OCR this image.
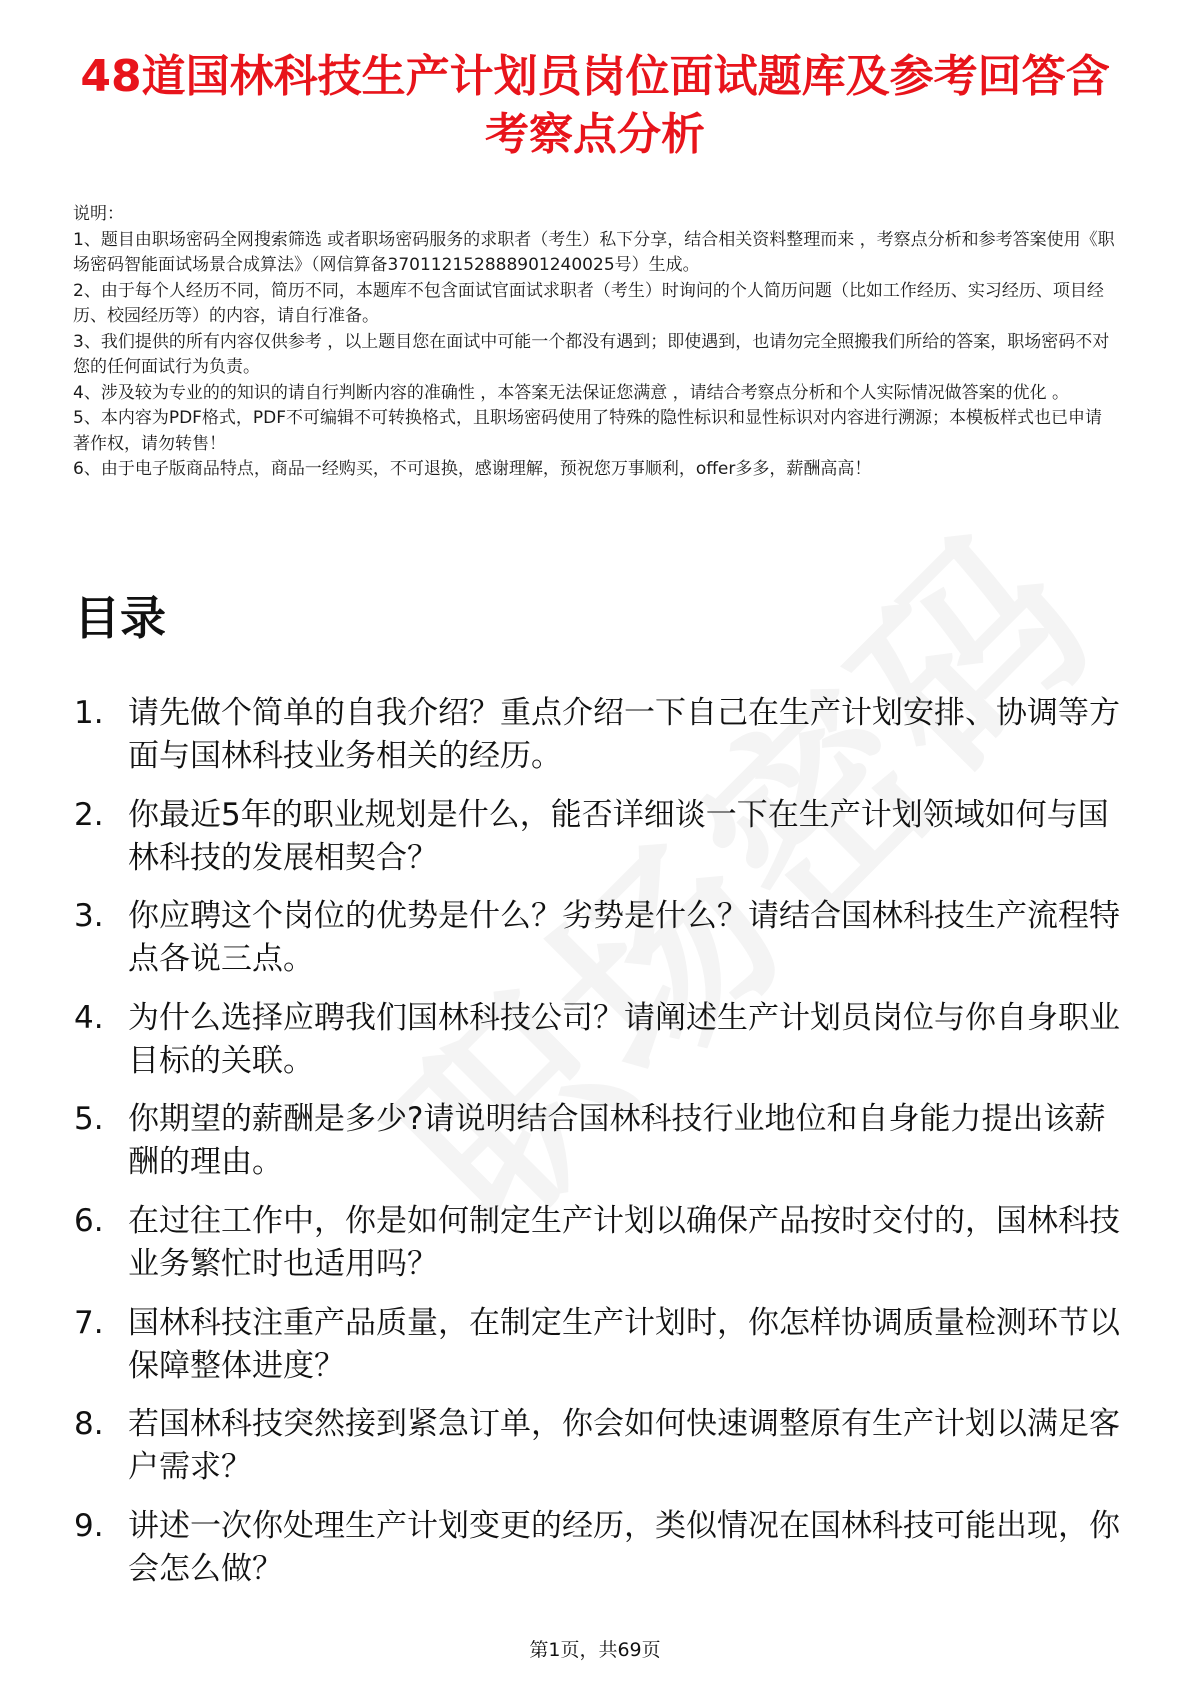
48道国林科技生产计划员岗位面试题库及参考回答含考察点分析

说明：

1、题目由职场密码全网搜索筛选 或者职场密码服务的求职者（考生）私下分享，结合相关资料整理而来 ，考察点分析和参考答案使用《职场密码智能面试场景合成算法》（网信算备370112152888901240025号）生成。

2、由于每个人经历不同，简历不同，本题库不包含面试官面试求职者（考生）时询问的个人简历问题（比如工作经历、实习经历、项目经历、校园经历等）的内容，请自行准备。

3、我们提供的所有内容仅供参考 ，以上题目您在面试中可能一个都没有遇到；即使遇到，也请勿完全照搬我们所给的答案，职场密码不对您的任何面试行为负责。

4、涉及较为专业的的知识的请自行判断内容的准确性 ，本答案无法保证您满意 ，请结合考察点分析和个人实际情况做答案的优化 。

5、本内容为PDF格式，PDF不可编辑不可转换格式，且职场密码使用了特殊的隐性标识和显性标识对内容进行溯源；本模板样式也已申请著作权，请勿转售！

6、由于电子版商品特点，商品一经购买，不可退换，感谢理解，预祝您万事顺利，offer多多，薪酬高高！

目录
1. 请先做个简单的自我介绍？重点介绍一下自己在生产计划安排、协调等方面与国林科技业务相关的经历。
2. 你最近5年的职业规划是什么，能否详细谈一下在生产计划领域如何与国林科技的发展相契合？
3. 你应聘这个岗位的优势是什么？劣势是什么？请结合国林科技生产流程特点各说三点。
4. 为什么选择应聘我们国林科技公司？请阐述生产计划员岗位与你自身职业目标的关联。
5. 你期望的薪酬是多少?请说明结合国林科技行业地位和自身能力提出该薪酬的理由。
6. 在过往工作中，你是如何制定生产计划以确保产品按时交付的，国林科技业务繁忙时也适用吗？
7. 国林科技注重产品质量，在制定生产计划时，你怎样协调质量检测环节以保障整体进度？
8. 若国林科技突然接到紧急订单，你会如何快速调整原有生产计划以满足客户需求？
9. 讲述一次你处理生产计划变更的经历，类似情况在国林科技可能出现，你会怎么做？
第1页，共69页
